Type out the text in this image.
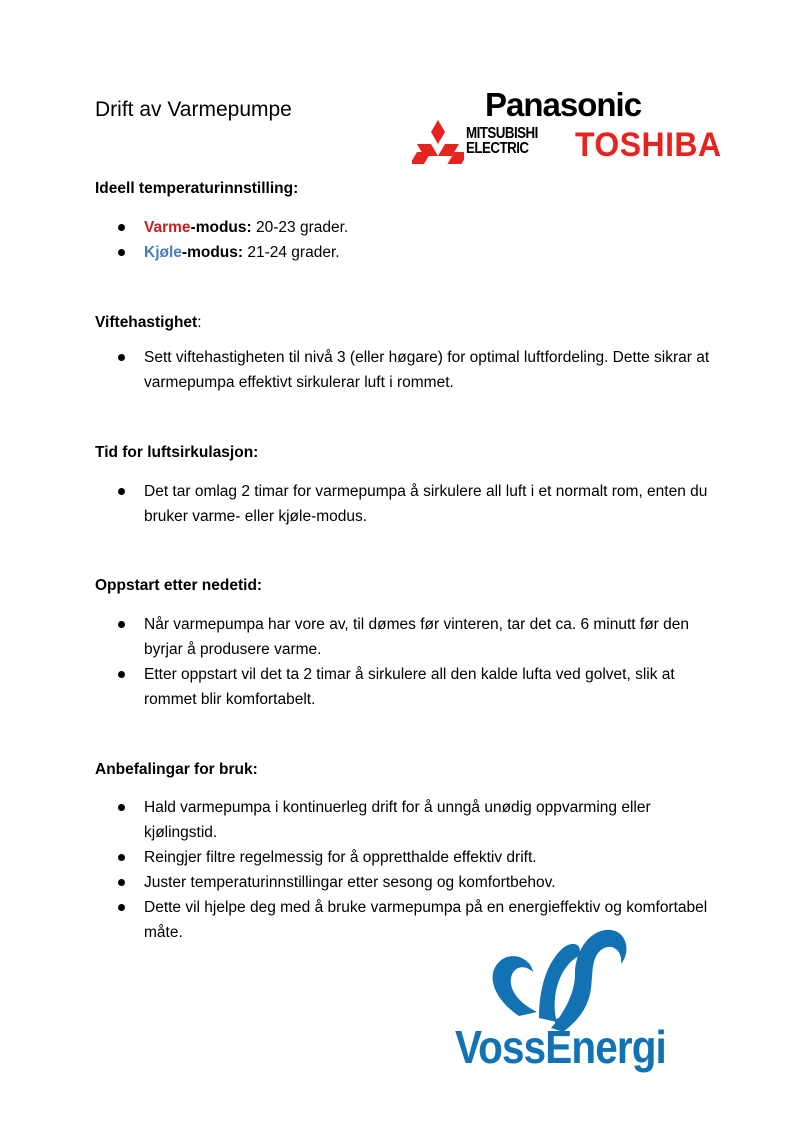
Drift av Varmepumpe	Panasonic
MITSUBISHI
ELECTRIC TOSHIBA
Ideell temperaturinnstilling:
Varme-modus: 20-23 grader.
Kjøle-modus: 21-24 grader.
Viftehastighet:
Sett viftehastigheten til nivå 3 (eller høgare) for optimal luftfordeling. Dette sikrar at varmepumpa effektivt sirkulerar luft i rommet.
Tid for luftsirkulasjon:
Det tar omlag 2 timar for varmepumpa å sirkulere all luft i et normalt rom, enten du bruker varme- eller kjøle-modus.
Oppstart etter nedetid:
Når varmepumpa har vore av, til dømes før vinteren, tar det ca. 6 minutt før den byrjar å produsere varme.
Etter oppstart vil det ta 2 timar å sirkulere all den kalde lufta ved golvet, slik at rommet blir komfortabelt.
Anbefalingar for bruk:
Hald varmepumpa i kontinuerleg drift for å unngå unødig oppvarming eller kjølingstid.
Reingjer filtre regelmessig for å oppretthalde effektiv drift.
Juster temperaturinnstillingar etter sesong og komfortbehov.
Dette vil hjelpe deg med å bruke varmepumpa på en energieffektiv og komfortabel måte.
VossEnergi
